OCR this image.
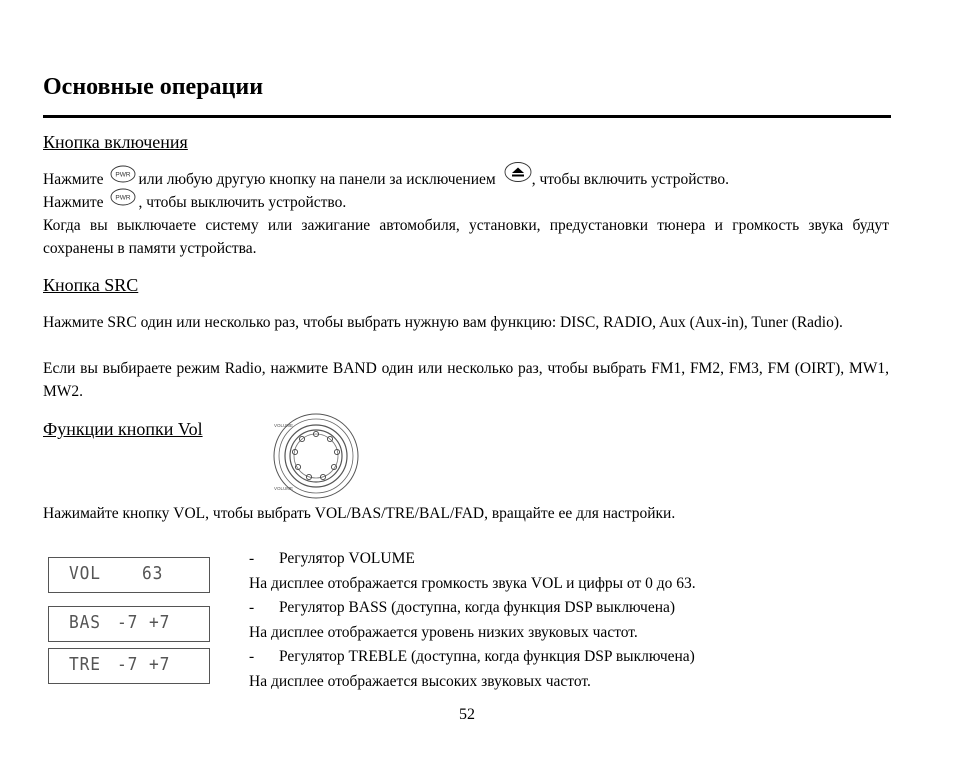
Основные операции
Кнопка включения
Нажмите PWR или любую другую кнопку на панели за исключением , чтобы включить устройство.
Нажмите PWR , чтобы выключить устройство.
Когда вы выключаете систему или зажигание автомобиля, установки, предустановки тюнера и громкость звука будут сохранены в памяти устройства.
Кнопка SRC
Нажмите SRC один или несколько раз, чтобы выбрать нужную вам функцию: DISC, RADIO, Aux (Aux-in), Tuner (Radio).
Если вы выбираете режим Radio, нажмите BAND один или несколько раз, чтобы выбрать FM1, FM2, FM3, FM (OIRT), MW1, MW2.
Функции кнопки Vol	VOLUME
VOLUME
Нажимайте кнопку VOL, чтобы выбрать VOL/BAS/TRE/BAL/FAD, вращайте ее для настройки.
VOL 63
BAS -7 +7
TRE -7 +7
- Регулятор VOLUME
На дисплее отображается громкость звука VOL и цифры от 0 до 63.
- Регулятор BASS (доступна, когда функция DSP выключена)
На дисплее отображается уровень низких звуковых частот.
- Регулятор TREBLE (доступна, когда функция DSP выключена)
На дисплее отображается высоких звуковых частот.
52
